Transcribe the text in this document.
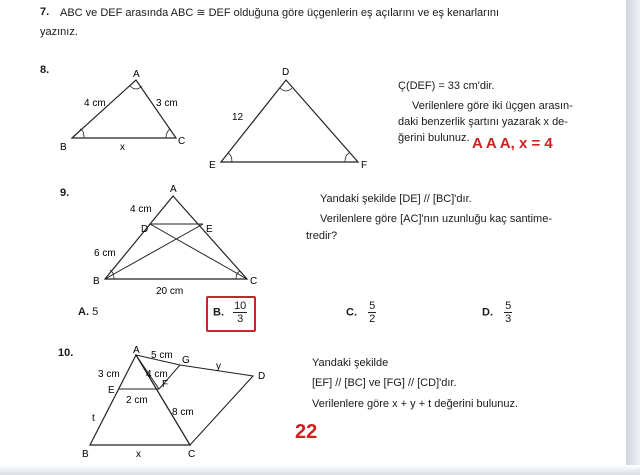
7. ABC ve DEF arasında ABC ≅ DEF olduğuna göre üçgenlerin eş açılarını ve eş kenarlarını
yazınız.
8.	A
B
C
4 cm	3 cm
x
D
E	F
12
Ç(DEF) = 33 cm'dir.
Verilenlere göre iki üçgen arasın-
daki benzerlik şartını yazarak x de-
ğerini bulunuz. A A A, x = 4
9.	A
D	E
B	C
4 cm
6 cm
20 cm
Yandaki şekilde [DE] // [BC]'dır.
Verilenlere göre [AC]'nın uzunluğu kaç santime-
tredir?
A. 5	B. $\frac{10}{3}$	C. $\frac{5}{2}$	D. $\frac{5}{3}$
10.	A
G
D
E
F
B	C
5 cm
3 cm	4 cm
2 cm
8 cm
t
x
y	Yandaki şekilde
[EF] // [BC] ve [FG] // [CD]'dır.
Verilenlere göre x + y + t değerini bulunuz.
22
